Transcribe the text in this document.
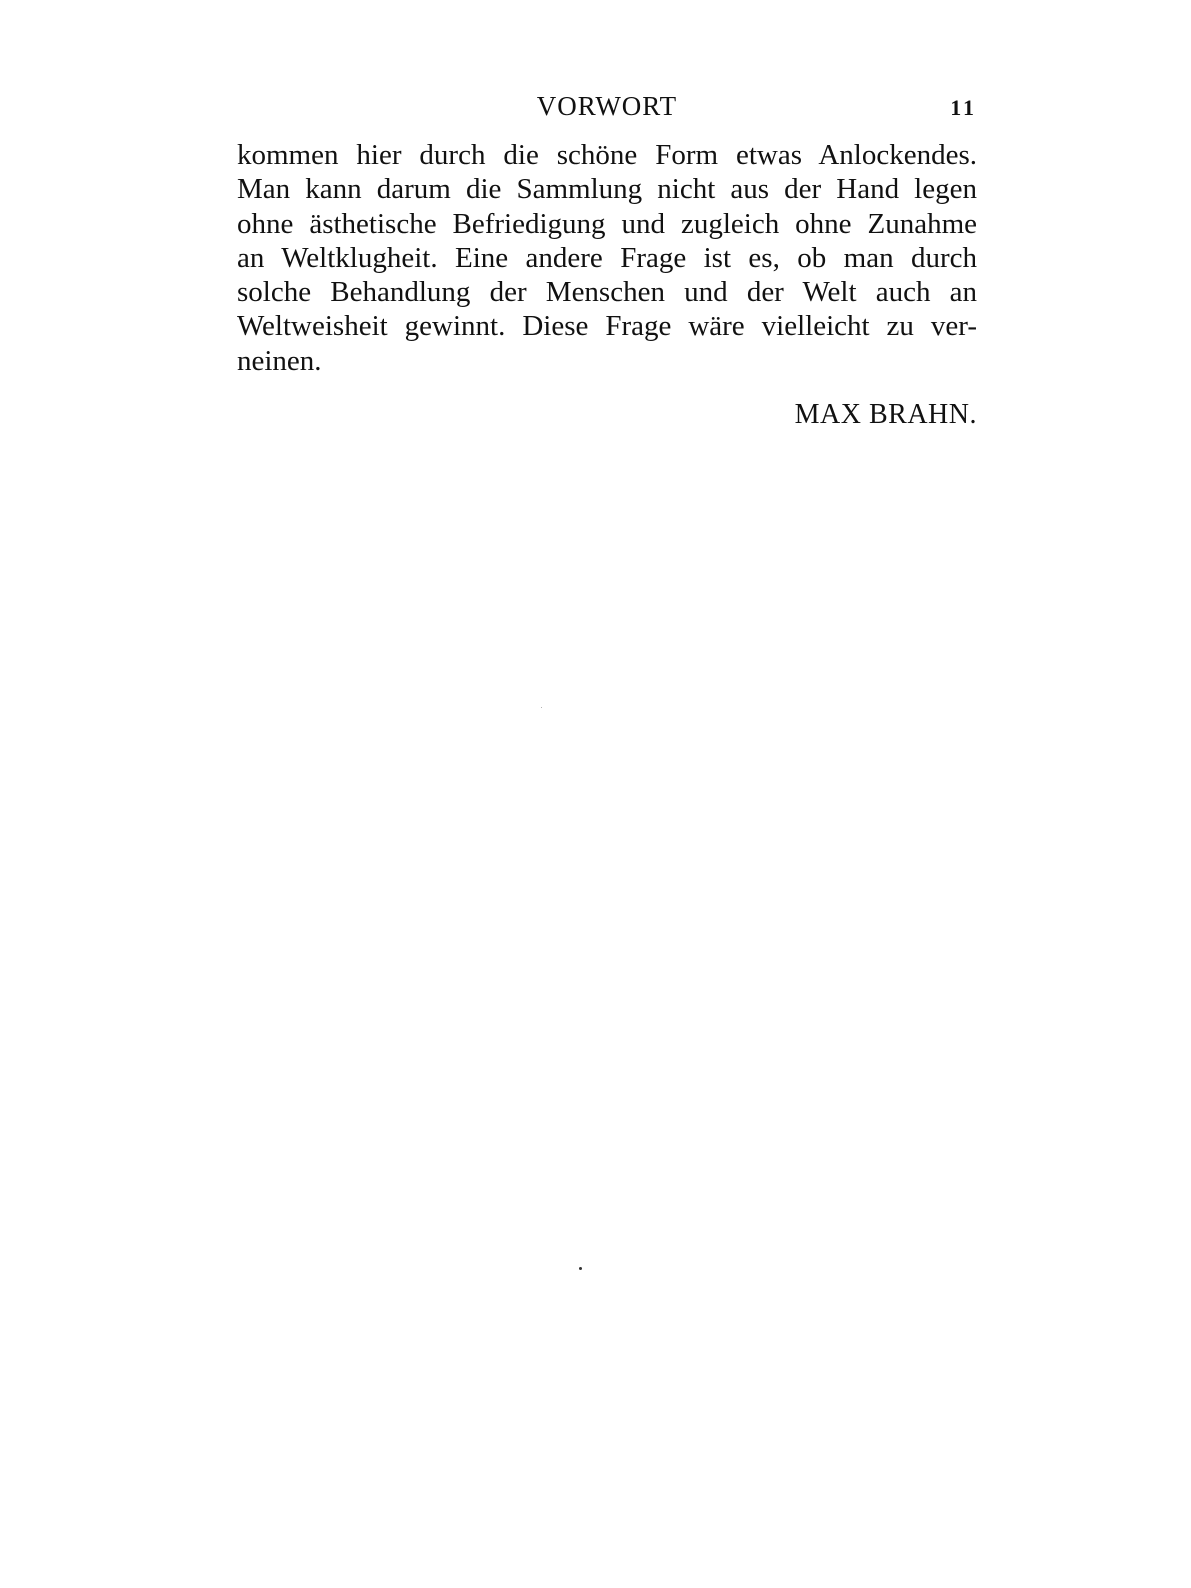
VORWORT	11
kommen hier durch die schöne Form etwas Anlockendes.
Man kann darum die Sammlung nicht aus der Hand legen
ohne ästhetische Befriedigung und zugleich ohne Zunahme
an Weltklugheit. Eine andere Frage ist es, ob man durch
solche Behandlung der Menschen und der Welt auch an
Weltweisheit gewinnt. Diese Frage wäre vielleicht zu ver-
neinen.
MAX BRAHN.
